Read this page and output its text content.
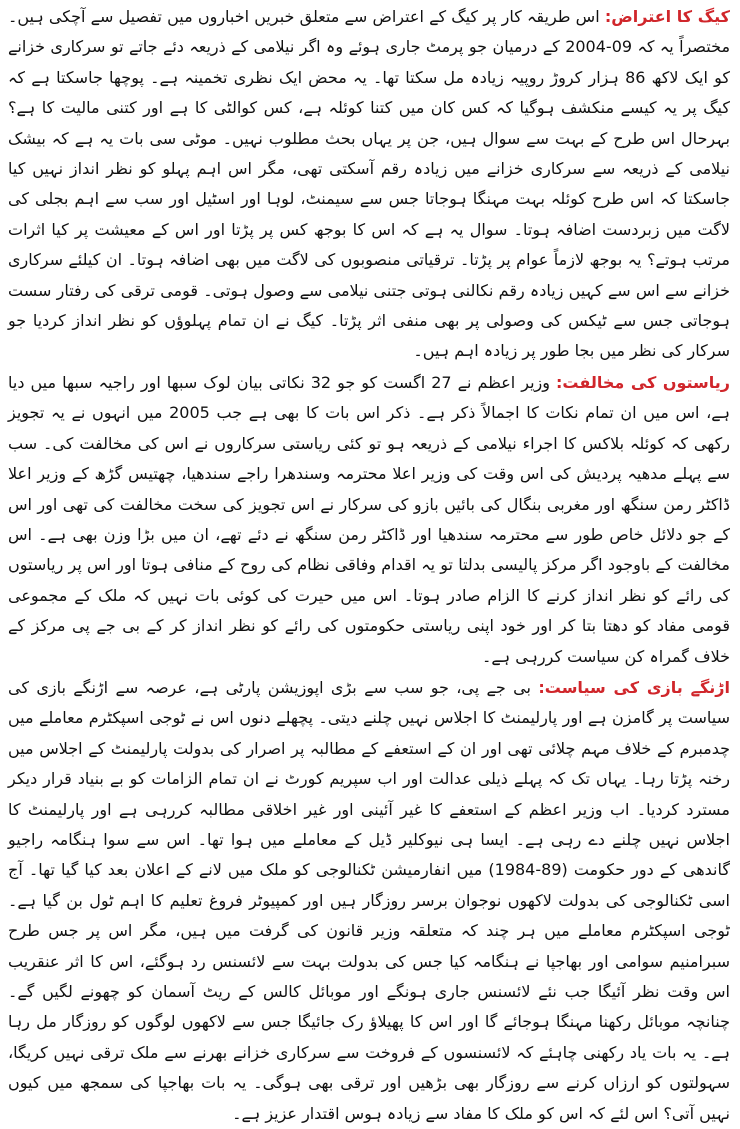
کیگ کا اعتراض: اس طریقہ کار پر کیگ کے اعتراض سے متعلق خبریں اخباروں میں تفصیل سے آچکی ہیں۔ مختصراً یہ کہ 09-2004 کے درمیان جو پرمٹ جاری ہوئے وہ اگر نیلامی کے ذریعہ دئے جاتے تو سرکاری خزانے کو ایک لاکھ 86 ہزار کروڑ روپیہ زیادہ مل سکتا تھا۔ یہ محض ایک نظری تخمینہ ہے۔ پوچھا جاسکتا ہے کہ کیگ پر یہ کیسے منکشف ہوگیا کہ کس کان میں کتنا کوئلہ ہے، کس کوالٹی کا ہے اور کتنی مالیت کا ہے؟ بہرحال اس طرح کے بہت سے سوال ہیں، جن پر یہاں بحث مطلوب نہیں۔ موٹی سی بات یہ ہے کہ بیشک نیلامی کے ذریعہ سے سرکاری خزانے میں زیادہ رقم آسکتی تھی، مگر اس اہم پہلو کو نظر انداز نہیں کیا جاسکتا کہ اس طرح کوئلہ بہت مہنگا ہوجاتا جس سے سیمنٹ، لوہا اور اسٹیل اور سب سے اہم بجلی کی لاگت میں زبردست اضافہ ہوتا۔ سوال یہ ہے کہ اس کا بوجھ کس پر پڑتا اور اس کے معیشت پر کیا اثرات مرتب ہوتے؟ یہ بوجھ لازماً عوام پر پڑتا۔ ترقیاتی منصوبوں کی لاگت میں بھی اضافہ ہوتا۔ ان کیلئے سرکاری خزانے سے اس سے کہیں زیادہ رقم نکالنی ہوتی جتنی نیلامی سے وصول ہوتی۔ قومی ترقی کی رفتار سست ہوجاتی جس سے ٹیکس کی وصولی پر بھی منفی اثر پڑتا۔ کیگ نے ان تمام پہلوؤں کو نظر انداز کردیا جو سرکار کی نظر میں بجا طور پر زیادہ اہم ہیں۔

ریاستوں کی مخالفت: وزیر اعظم نے 27 اگست کو جو 32 نکاتی بیان لوک سبھا اور راجیہ سبھا میں دیا ہے، اس میں ان تمام نکات کا اجمالاً ذکر ہے۔ ذکر اس بات کا بھی ہے جب 2005 میں انہوں نے یہ تجویز رکھی کہ کوئلہ بلاکس کا اجراء نیلامی کے ذریعہ ہو تو کئی ریاستی سرکاروں نے اس کی مخالفت کی۔ سب سے پہلے مدھیہ پردیش کی اس وقت کی وزیر اعلا محترمہ وسندھرا راجے سندھیا، چھتیس گڑھ کے وزیر اعلا ڈاکٹر رمن سنگھ اور مغربی بنگال کی بائیں بازو کی سرکار نے اس تجویز کی سخت مخالفت کی تھی اور اس کے جو دلائل خاص طور سے محترمہ سندھیا اور ڈاکٹر رمن سنگھ نے دئے تھے، ان میں بڑا وزن بھی ہے۔ اس مخالفت کے باوجود اگر مرکز پالیسی بدلتا تو یہ اقدام وفاقی نظام کی روح کے منافی ہوتا اور اس پر ریاستوں کی رائے کو نظر انداز کرنے کا الزام صادر ہوتا۔ اس میں حیرت کی کوئی بات نہیں کہ ملک کے مجموعی قومی مفاد کو دھتا بتا کر اور خود اپنی ریاستی حکومتوں کی رائے کو نظر انداز کر کے بی جے پی مرکز کے خلاف گمراہ کن سیاست کررہی ہے۔

اڑنگے بازی کی سیاست: بی جے پی، جو سب سے بڑی اپوزیشن پارٹی ہے، عرصہ سے اڑنگے بازی کی سیاست پر گامزن ہے اور پارلیمنٹ کا اجلاس نہیں چلنے دیتی۔ پچھلے دنوں اس نے ٹوجی اسپکٹرم معاملے میں چدمبرم کے خلاف مہم چلائی تھی اور ان کے استعفے کے مطالبہ پر اصرار کی بدولت پارلیمنٹ کے اجلاس میں رخنہ پڑتا رہا۔ یہاں تک کہ پہلے ذیلی عدالت اور اب سپریم کورٹ نے ان تمام الزامات کو بے بنیاد قرار دیکر مسترد کردیا۔ اب وزیر اعظم کے استعفے کا غیر آئینی اور غیر اخلاقی مطالبہ کررہی ہے اور پارلیمنٹ کا اجلاس نہیں چلنے دے رہی ہے۔ ایسا ہی نیوکلیر ڈیل کے معاملے میں ہوا تھا۔ اس سے سوا ہنگامہ راجیو گاندھی کے دور حکومت (89-1984) میں انفارمیشن ٹکنالوجی کو ملک میں لانے کے اعلان بعد کیا گیا تھا۔ آج اسی ٹکنالوجی کی بدولت لاکھوں نوجوان برسر روزگار ہیں اور کمپیوٹر فروغ تعلیم کا اہم ٹول بن گیا ہے۔ ٹوجی اسپکٹرم معاملے میں ہر چند کہ متعلقہ وزیر قانون کی گرفت میں ہیں، مگر اس پر جس طرح سبرامنیم سوامی اور بھاجپا نے ہنگامہ کیا جس کی بدولت بہت سے لائسنس رد ہوگئے، اس کا اثر عنقریب اس وقت نظر آئیگا جب نئے لائسنس جاری ہونگے اور موبائل کالس کے ریٹ آسمان کو چھونے لگیں گے۔ چنانچہ موبائل رکھنا مہنگا ہوجائے گا اور اس کا پھیلاؤ رک جائیگا جس سے لاکھوں لوگوں کو روزگار مل رہا ہے۔ یہ بات یاد رکھنی چاہئے کہ لائسنسوں کے فروخت سے سرکاری خزانے بھرنے سے ملک ترقی نہیں کریگا، سہولتوں کو ارزاں کرنے سے روزگار بھی بڑھیں اور ترقی بھی ہوگی۔ یہ بات بھاجپا کی سمجھ میں کیوں نہیں آتی؟ اس لئے کہ اس کو ملک کا مفاد سے زیادہ ہوس اقتدار عزیز ہے۔
